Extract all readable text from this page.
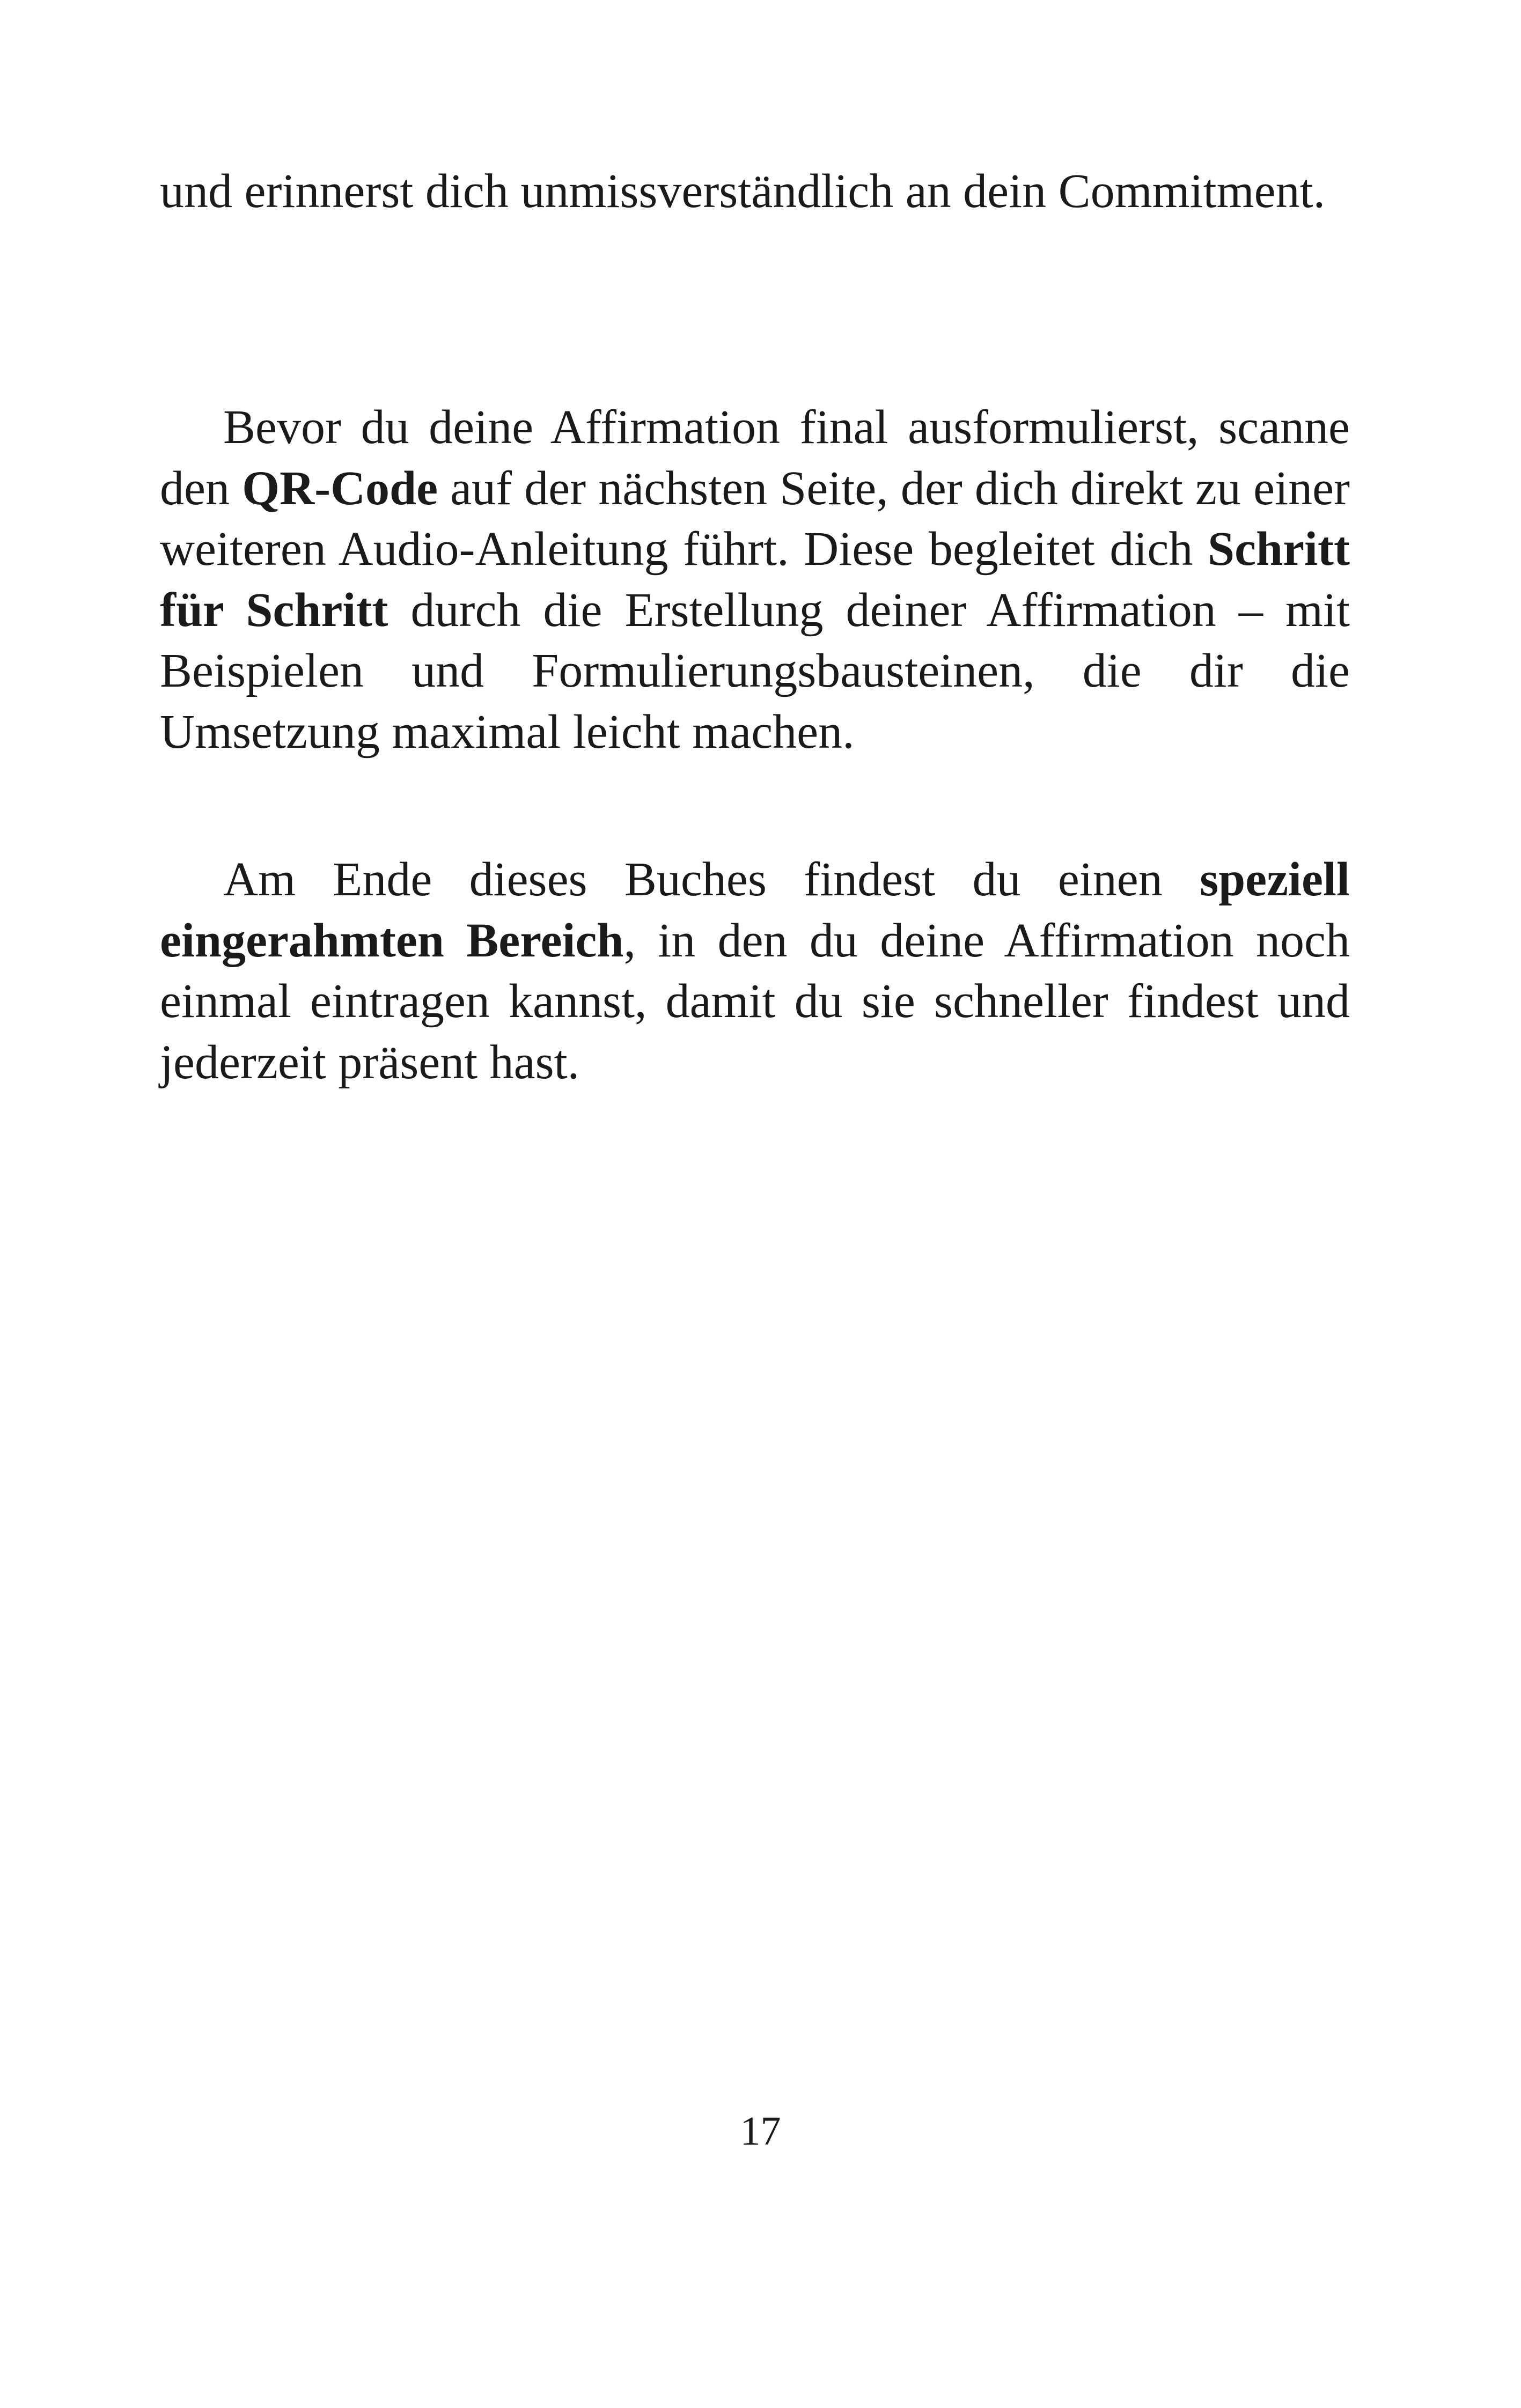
und erinnerst dich unmissverständlich an dein Commitment.

Bevor du deine Affirmation final ausformulierst, scanne den QR-Code auf der nächsten Seite, der dich direkt zu einer weiteren Audio-Anleitung führt. Diese begleitet dich Schritt für Schritt durch die Erstellung deiner Affirmation – mit Beispielen und Formulierungsbausteinen, die dir die Umsetzung maximal leicht machen.

Am Ende dieses Buches findest du einen speziell eingerahmten Bereich, in den du deine Affirmation noch einmal eintragen kannst, damit du sie schneller findest und jederzeit präsent hast.

17
